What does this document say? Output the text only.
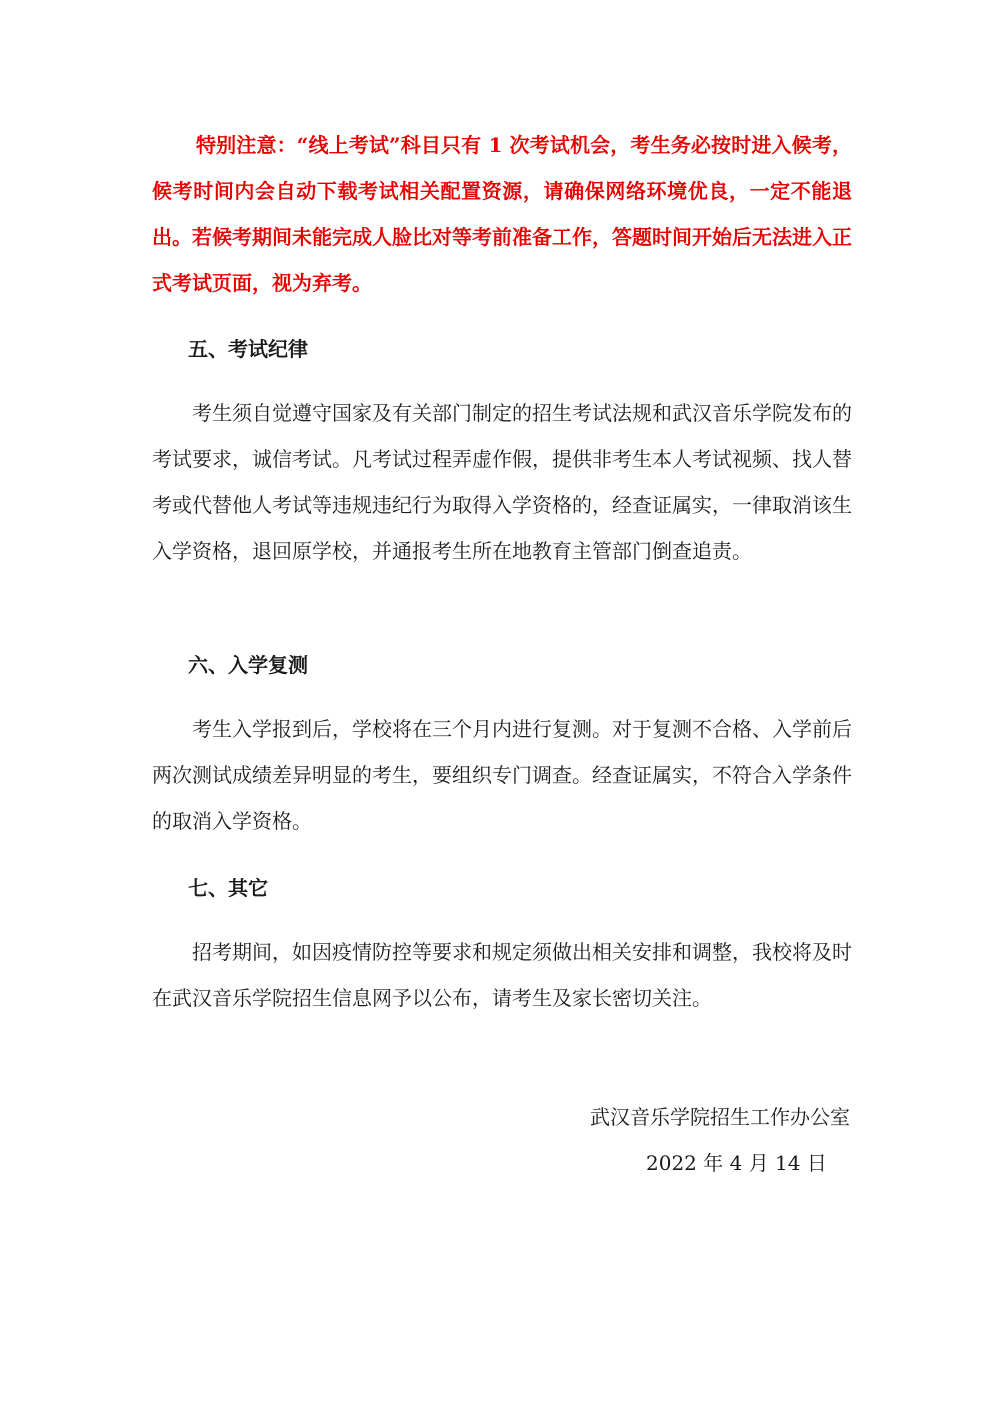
特别注意：“线上考试”科目只有 1 次考试机会，考生务必按时进入候考，候考时间内会自动下载考试相关配置资源，请确保网络环境优良，一定不能退出。若候考期间未能完成人脸比对等考前准备工作，答题时间开始后无法进入正式考试页面，视为弃考。

五、考试纪律

考生须自觉遵守国家及有关部门制定的招生考试法规和武汉音乐学院发布的考试要求，诚信考试。凡考试过程弄虚作假，提供非考生本人考试视频、找人替考或代替他人考试等违规违纪行为取得入学资格的，经查证属实，一律取消该生入学资格，退回原学校，并通报考生所在地教育主管部门倒查追责。

六、入学复测

考生入学报到后，学校将在三个月内进行复测。对于复测不合格、入学前后两次测试成绩差异明显的考生，要组织专门调查。经查证属实，不符合入学条件的取消入学资格。

七、其它

招考期间，如因疫情防控等要求和规定须做出相关安排和调整，我校将及时在武汉音乐学院招生信息网予以公布，请考生及家长密切关注。

武汉音乐学院招生工作办公室

2022 年 4 月 14 日
